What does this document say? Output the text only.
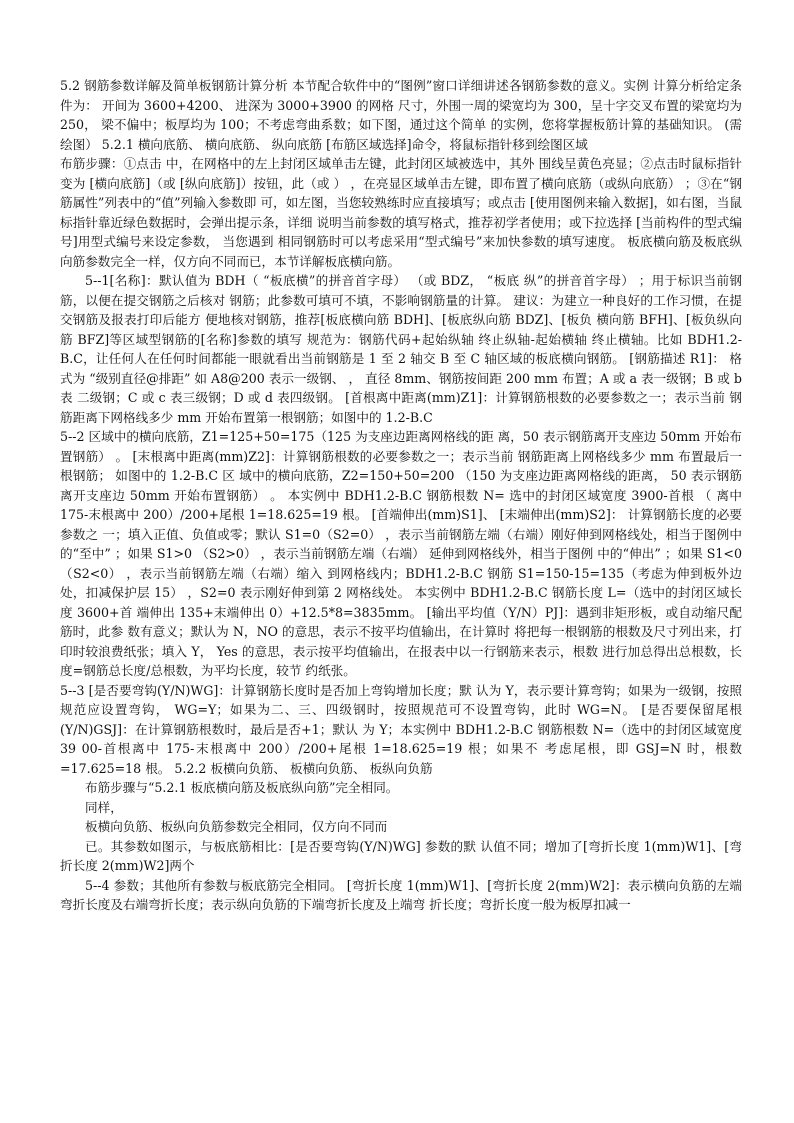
5.2 钢筋参数详解及简单板钢筋计算分析 本节配合软件中的“图例”窗口详细讲述各钢筋参数的意义。实例 计算分析给定条件为： 开间为 3600+4200、 进深为 3000+3900 的网格 尺寸，外围一周的梁宽均为 300，呈十字交叉布置的梁宽均为 250， 梁不偏中；板厚均为 100；不考虑弯曲系数；如下图，通过这个简单 的实例，您将掌握板筋计算的基础知识。 (需绘图） 5.2.1 横向底筋、 横向底筋、 纵向底筋 [布筋区域选择]命令，将鼠标指针移到绘图区域

布筋步骤：①点击 中，在网格中的左上封闭区域单击左键，此封闭区域被选中，其外 围线呈黄色亮显；②点击时鼠标指针变为 [横向底筋]（或 [纵向底筋]）按钮，此（或 ） ，在亮显区域单击左键，即布置了横向底筋（或纵向底筋） ；③在“钢筋属性”列表中的“值”列输入参数即 可，如左图，当您较熟练时应直接填写；或点击 [使用图例来输入数据]，如右图，当鼠标指针靠近绿色数据时，会弹出提示条，详细 说明当前参数的填写格式，推荐初学者使用；或下拉选择 [当前构件的型式编号]用型式编号来设定参数， 当您遇到 相同钢筋时可以考虑采用“型式编号”来加快参数的填写速度。 板底横向筋及板底纵向筋参数完全一样，仅方向不同而已，本节详解板底横向筋。

5--1[名称]：默认值为 BDH（ “板底横”的拼音首字母） （或 BDZ， “板底 纵”的拼音首字母） ；用于标识当前钢筋，以便在提交钢筋之后核对 钢筋；此参数可填可不填，不影响钢筋量的计算。 建议：为建立一种良好的工作习惯，在提交钢筋及报表打印后能方 便地核对钢筋，推荐[板底横向筋 BDH]、[板底纵向筋 BDZ]、[板负 横向筋 BFH]、[板负纵向筋 BFZ]等区域型钢筋的[名称]参数的填写 规范为：钢筋代码+起始纵轴 终止纵轴-起始横轴 终止横轴。比如 BDH1.2-B.C，让任何人在任何时间都能一眼就看出当前钢筋是 1 至 2 轴交 B 至 C 轴区域的板底横向钢筋。 [钢筋描述 R1]： 格式为 “级别直径@排距” 如 A8@200 表示一级钢、 ， 直径 8mm、钢筋按间距 200 mm 布置；A 或 a 表一级钢；B 或 b 表 二级钢；C 或 c 表三级钢；D 或 d 表四级钢。 [首根离中距离(mm)Z1]：计算钢筋根数的必要参数之一；表示当前 钢筋距离下网格线多少 mm 开始布置第一根钢筋；如图中的 1.2-B.C

5--2 区域中的横向底筋，Z1=125+50=175（125 为支座边距离网格线的距 离，50 表示钢筋离开支座边 50mm 开始布置钢筋） 。 [末根离中距离(mm)Z2]：计算钢筋根数的必要参数之一；表示当前 钢筋距离上网格线多少 mm 布置最后一根钢筋； 如图中的 1.2-B.C 区 域中的横向底筋，Z2=150+50=200 （150 为支座边距离网格线的距离， 50 表示钢筋离开支座边 50mm 开始布置钢筋） 。 本实例中 BDH1.2-B.C 钢筋根数 N= 选中的封闭区域宽度 3900-首根 （ 离中 175-末根离中 200）/200+尾根 1=18.625=19 根。 [首端伸出(mm)S1]、 [末端伸出(mm)S2]： 计算钢筋长度的必要参数之 一；填入正值、负值或零；默认 S1=0（S2=0） ，表示当前钢筋左端（右端）刚好伸到网格线处，相当于图例中的“至中” ；如果 S1>0 （S2>0） ，表示当前钢筋左端（右端） 延伸到网格线外，相当于图例 中的“伸出” ；如果 S1<0（S2<0） ，表示当前钢筋左端（右端）缩入 到网格线内；BDH1.2-B.C 钢筋 S1=150-15=135（考虑为伸到板外边 处，扣减保护层 15） ，S2=0 表示刚好伸到第 2 网格线处。 本实例中 BDH1.2-B.C 钢筋长度 L=（选中的封闭区域长度 3600+首 端伸出 135+末端伸出 0）+12.5*8=3835mm。 [输出平均值（Y/N）PJ]：遇到非矩形板，或自动缩尺配筋时，此参 数有意义；默认为 N，NO 的意思，表示不按平均值输出，在计算时 将把每一根钢筋的根数及尺寸列出来，打印时较浪费纸张；填入 Y， Yes 的意思，表示按平均值输出，在报表中以一行钢筋来表示，根数 进行加总得出总根数，长度=钢筋总长度/总根数，为平均长度，较节 约纸张。

5--3 [是否要弯钩(Y/N)WG]：计算钢筋长度时是否加上弯钩增加长度；默 认为 Y，表示要计算弯钩；如果为一级钢，按照规范应设置弯钩， WG=Y；如果为二、三、四级钢时，按照规范可不设置弯钩，此时 WG=N。 [是否要保留尾根(Y/N)GSJ]：在计算钢筋根数时，最后是否+1；默认 为 Y；本实例中 BDH1.2-B.C 钢筋根数 N=（选中的封闭区域宽度 39 00-首根离中 175-末根离中 200）/200+尾根 1=18.625=19 根；如果不 考虑尾根，即 GSJ=N 时，根数=17.625=18 根。 5.2.2 板横向负筋、 板横向负筋、 板纵向负筋

布筋步骤与“5.2.1 板底横向筋及板底纵向筋”完全相同。

同样，

板横向负筋、板纵向负筋参数完全相同，仅方向不同而

已。其参数如图示，与板底筋相比：[是否要弯钩(Y/N)WG] 参数的默 认值不同；增加了[弯折长度 1(mm)W1]、[弯折长度 2(mm)W2]两个

5--4 参数；其他所有参数与板底筋完全相同。 [弯折长度 1(mm)W1]、[弯折长度 2(mm)W2]：表示横向负筋的左端 弯折长度及右端弯折长度；表示纵向负筋的下端弯折长度及上端弯 折长度；弯折长度一般为板厚扣减一
